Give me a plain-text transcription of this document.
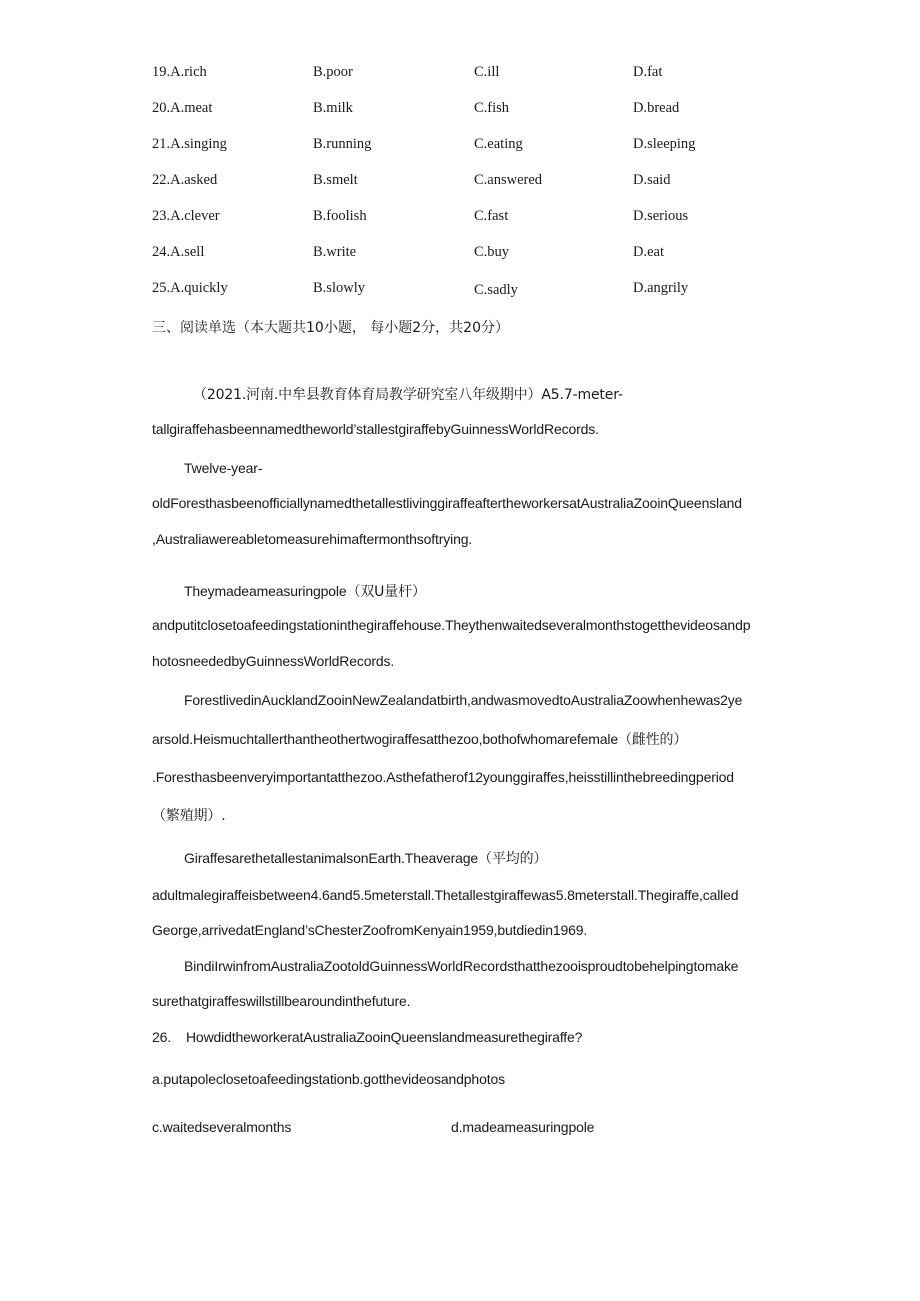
19.A.rich	B.poor	C.ill	D.fat
20.A.meat	B.milk	C.fish	D.bread
21.A.singing	B.running	C.eating	D.sleeping
22.A.asked	B.smelt	C.answered	D.said
23.A.clever	B.foolish	C.fast	D.serious
24.A.sell	B.write	C.buy	D.eat
25.A.quickly	B.slowly	C.sadly	D.angrily
三、阅读单选（本大题共10小题， 每小题2分，共20分）
（2021.河南.中牟县教育体育局教学研究室八年级期中）A5.7-meter-
tallgiraffehasbeennamedtheworld’stallestgiraffebyGuinnessWorldRecords.
Twelve-year-
oldForesthasbeenofficiallynamedthetallestlivinggiraffeaftertheworkersatAustraliaZooinQueensland
,Australiawereabletomeasurehimaftermonthsoftrying.
Theymadeameasuringpole（双U量杆）
andputitclosetoafeedingstationinthegiraffehouse.Theythenwaitedseveralmonthstogetthevideosandp
hotosneededbyGuinnessWorldRecords.
ForestlivedinAucklandZooinNewZealandatbirth,andwasmovedtoAustraliaZoowhenhewas2ye
arsold.Heismuchtallerthantheothertwogiraffesatthezoo,bothofwhomarefemale（雌性的）
.Foresthasbeenveryimportantatthezoo.Asthefatherof12younggiraffes,heisstillinthebreedingperiod
（繁殖期）.
GiraffesarethetallestanimalsonEarth.Theaverage（平均的）
adultmalegiraffeisbetween4.6and5.5meterstall.Thetallestgiraffewas5.8meterstall.Thegiraffe,called
George,arrivedatEngland’sChesterZoofromKenyain1959,butdiedin1969.
BindiIrwinfromAustraliaZootoldGuinnessWorldRecordsthatthezooisproudtobehelpingtomake
surethatgiraffeswillstillbearoundinthefuture.
26.    HowdidtheworkeratAustraliaZooinQueenslandmeasurethegiraffe?
a.putapoleclosetoafeedingstationb.gotthevideosandphotos
c.waitedseveralmonths	d.madeameasuringpole
